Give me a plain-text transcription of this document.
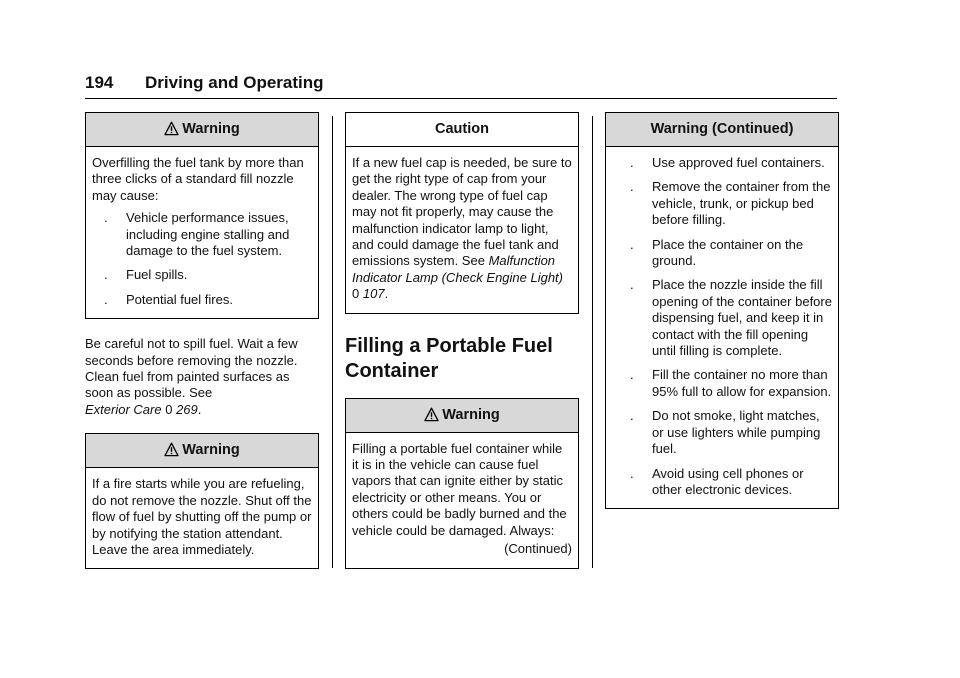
194 Driving and Operating
Warning

Overfilling the fuel tank by more than three clicks of a standard fill nozzle may cause:

. Vehicle performance issues, including engine stalling and damage to the fuel system.
. Fuel spills.
. Potential fuel fires.

Be careful not to spill fuel. Wait a few seconds before removing the nozzle. Clean fuel from painted surfaces as soon as possible. See
Exterior Care 0 269.

Warning

If a fire starts while you are refueling, do not remove the nozzle. Shut off the flow of fuel by shutting off the pump or by notifying the station attendant. Leave the area immediately.

Caution

If a new fuel cap is needed, be sure to get the right type of cap from your dealer. The wrong type of fuel cap may not fit properly, may cause the malfunction indicator lamp to light, and could damage the fuel tank and emissions system. See Malfunction Indicator Lamp (Check Engine Light) 0 107.

Filling a Portable Fuel Container
Warning

Filling a portable fuel container while it is in the vehicle can cause fuel vapors that can ignite either by static electricity or other means. You or others could be badly burned and the vehicle could be damaged. Always:

(Continued)

Warning (Continued)
. Use approved fuel containers.
. Remove the container from the vehicle, trunk, or pickup bed before filling.
. Place the container on the ground.
. Place the nozzle inside the fill opening of the container before dispensing fuel, and keep it in contact with the fill opening until filling is complete.
. Fill the container no more than 95% full to allow for expansion.
. Do not smoke, light matches, or use lighters while pumping fuel.
. Avoid using cell phones or other electronic devices.
